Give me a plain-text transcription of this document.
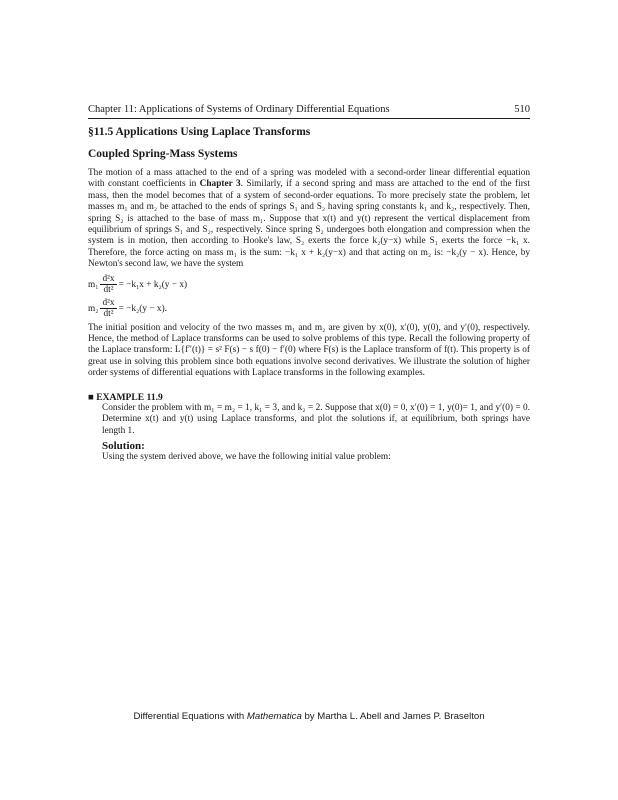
Chapter 11: Applications of Systems of Ordinary Differential Equations	510
§11.5 Applications Using Laplace Transforms
Coupled Spring-Mass Systems

The motion of a mass attached to the end of a spring was modeled with a second-order linear differential equation with constant coefficients in Chapter 3. Similarly, if a second spring and mass are attached to the end of the first mass, then the model becomes that of a system of second-order equations. To more precisely state the problem, let masses m₁ and m₂ be attached to the ends of springs S₁ and S₂ having spring constants k₁ and k₂, respectively. Then, spring S₂ is attached to the base of mass m₁. Suppose that x(t) and y(t) represent the vertical displacement from equilibrium of springs S₁ and S₂, respectively. Since spring S₂ undergoes both elongation and compression when the system is in motion, then according to Hooke's law, S₂ exerts the force k₂(y−x) while S₁ exerts the force −k₁ x. Therefore, the force acting on mass m₁ is the sum: −k₁ x + k₂(y−x) and that acting on m₂ is: −k₂(y − x). Hence, by Newton's second law, we have the system

$m_1 \frac{\text{d²x}}{\text{dt²}} = -k_1x + k_2(y - x)$
$m_2 \frac{\text{d²x}}{\text{dt²}} = -k_2(y - x)$.
The initial position and velocity of the two masses m₁ and m₂ are given by x(0), x′(0), y(0), and y′(0), respectively. Hence, the method of Laplace transforms can be used to solve problems of this type. Recall the following property of the Laplace transform: L{f″(t)} = s² F(s) − s f(0) − f′(0) where F(s) is the Laplace transform of f(t). This property is of great use in solving this problem since both equations involve second derivatives. We illustrate the solution of higher order systems of differential equations with Laplace transforms in the following examples.
■ EXAMPLE 11.9
Consider the problem with m₁ = m₂ = 1, k₁ = 3, and k₂ = 2. Suppose that x(0) = 0, x′(0) = 1, y(0)= 1, and y′(0) = 0. Determine x(t) and y(t) using Laplace transforms, and plot the solutions if, at equilibrium, both springs have length 1.
Solution:
Using the system derived above, we have the following initial value problem:
Differential Equations with Mathematica by Martha L. Abell and James P. Braselton
